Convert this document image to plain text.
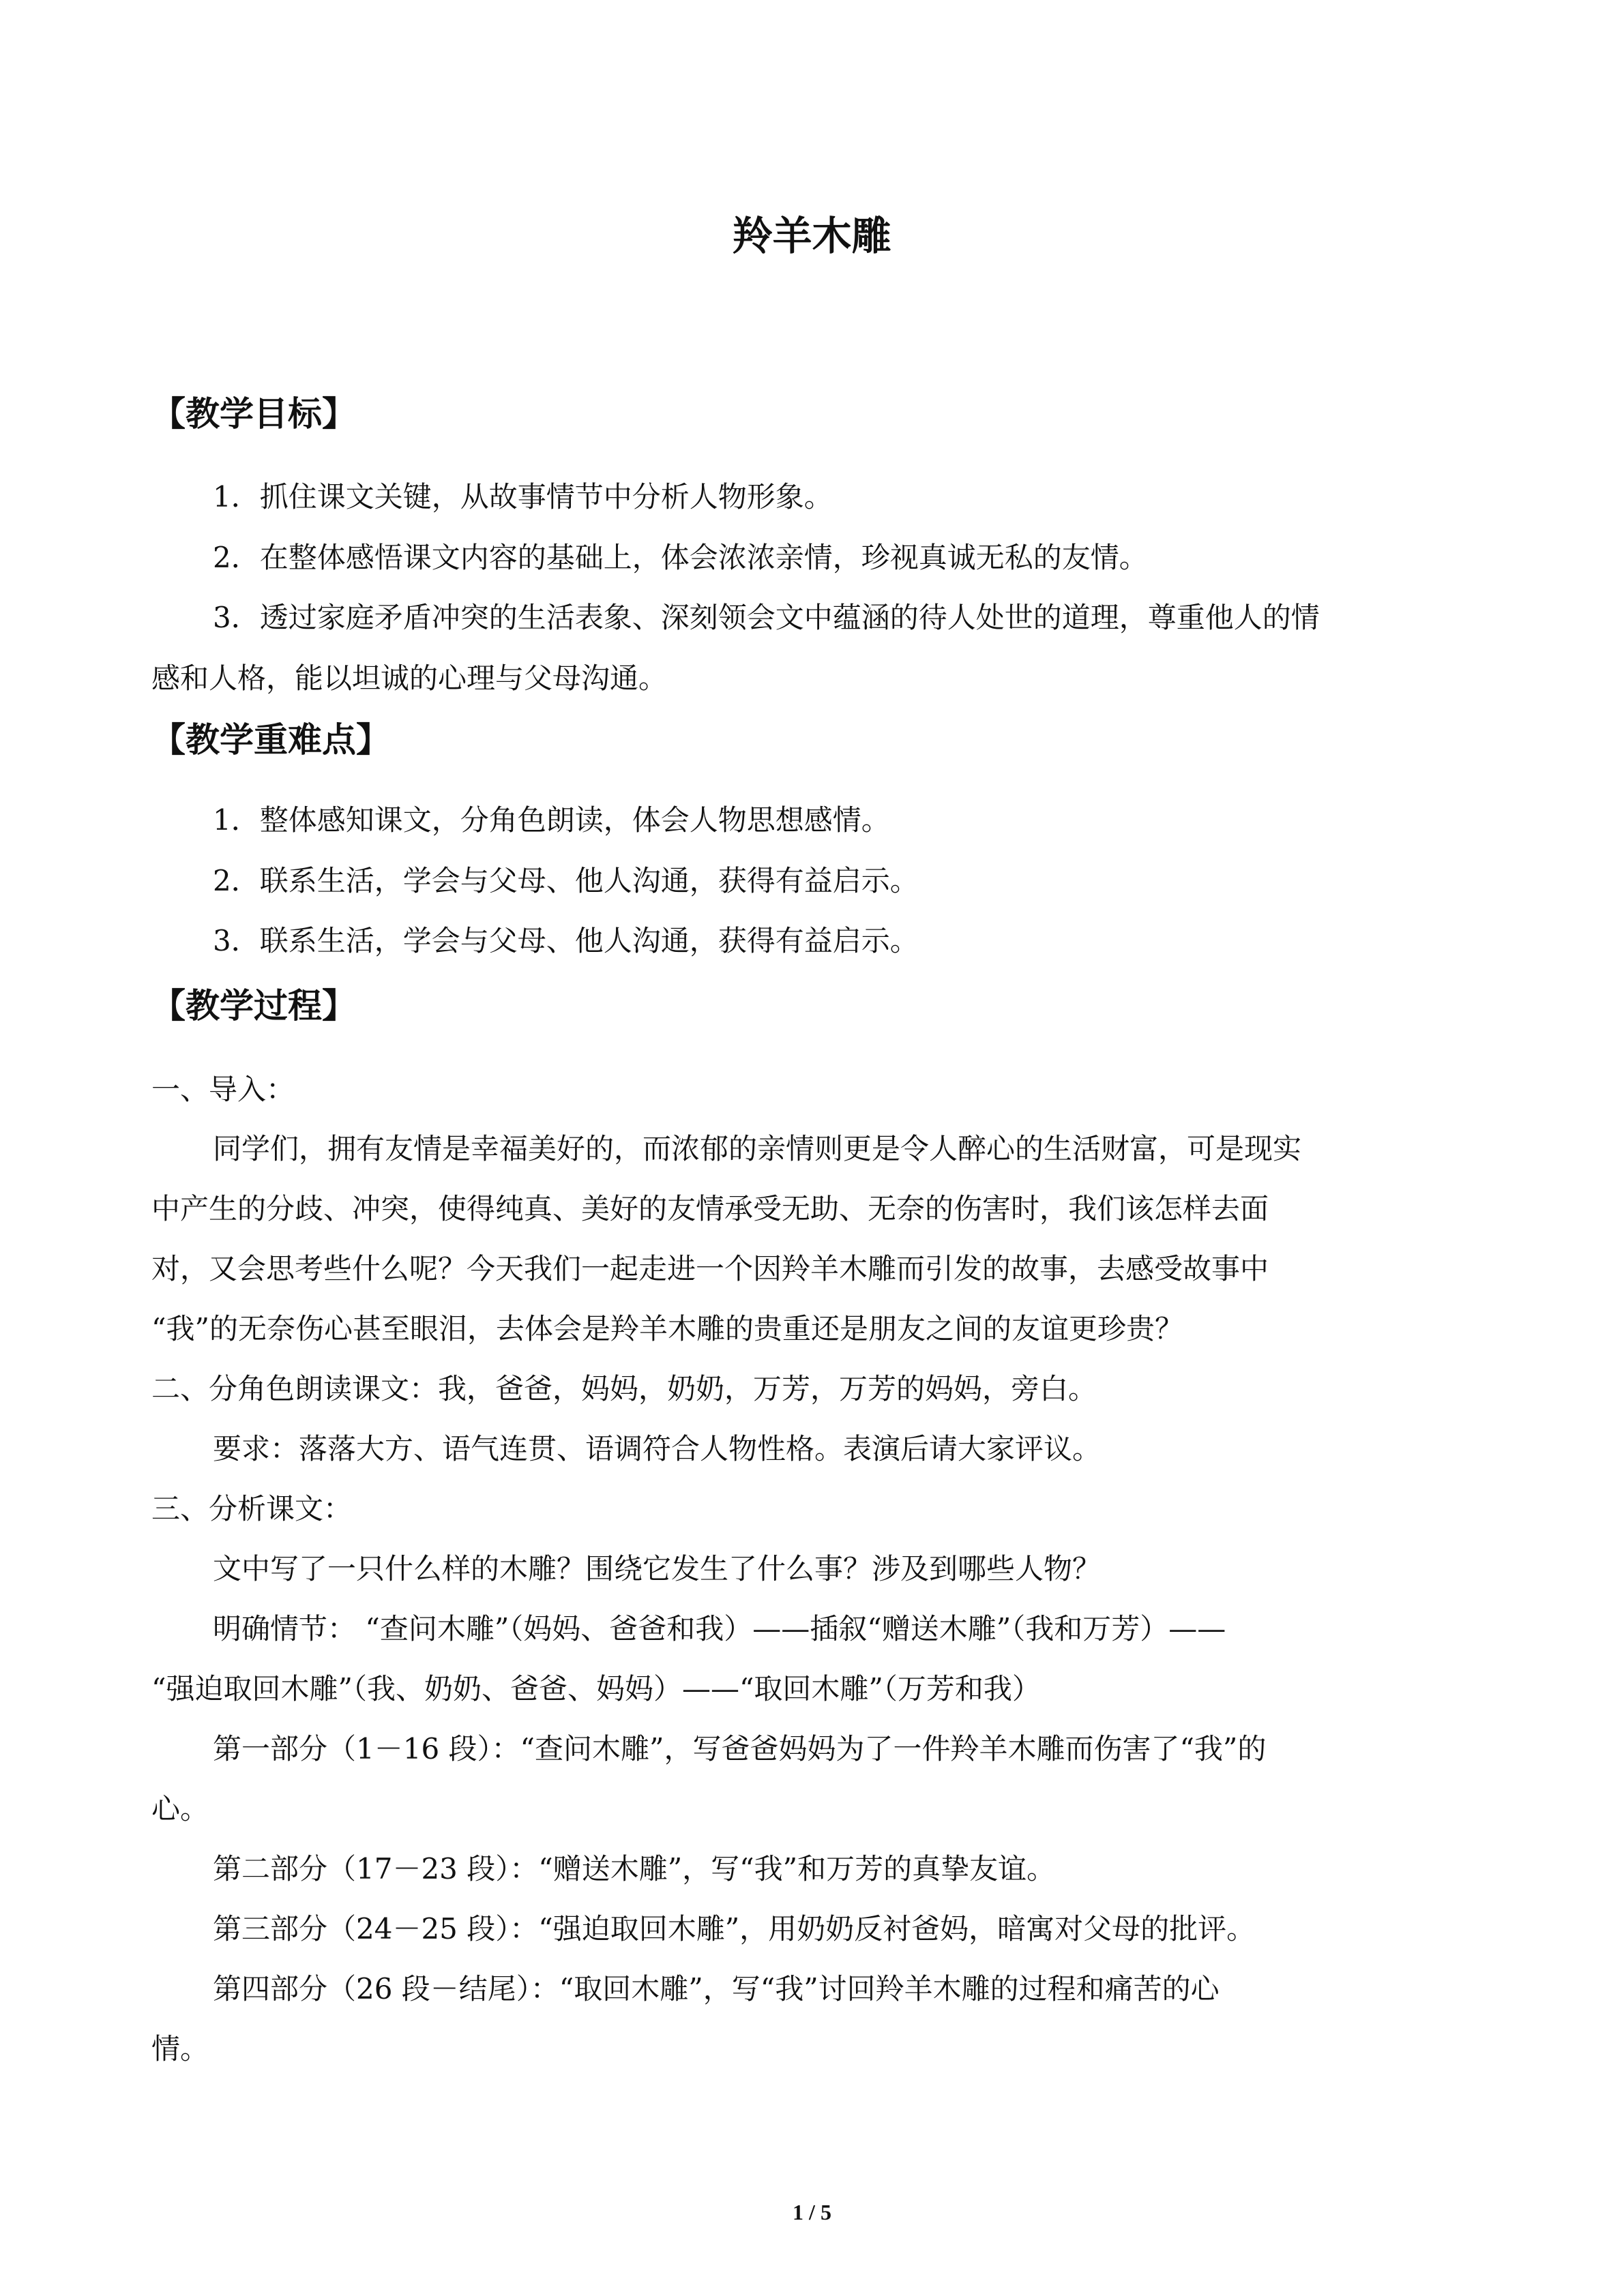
羚羊木雕
【教学目标】
1．抓住课文关键，从故事情节中分析人物形象。
2．在整体感悟课文内容的基础上，体会浓浓亲情，珍视真诚无私的友情。
3．透过家庭矛盾冲突的生活表象、深刻领会文中蕴涵的待人处世的道理，尊重他人的情
感和人格，能以坦诚的心理与父母沟通。
【教学重难点】
1．整体感知课文，分角色朗读，体会人物思想感情。
2．联系生活，学会与父母、他人沟通，获得有益启示。
3．联系生活，学会与父母、他人沟通，获得有益启示。
【教学过程】
一、导入：
同学们，拥有友情是幸福美好的，而浓郁的亲情则更是令人醉心的生活财富，可是现实
中产生的分歧、冲突，使得纯真、美好的友情承受无助、无奈的伤害时，我们该怎样去面
对，又会思考些什么呢？今天我们一起走进一个因羚羊木雕而引发的故事，去感受故事中
“我”的无奈伤心甚至眼泪，去体会是羚羊木雕的贵重还是朋友之间的友谊更珍贵？
二、分角色朗读课文：我，爸爸，妈妈，奶奶，万芳，万芳的妈妈，旁白。
要求：落落大方、语气连贯、语调符合人物性格。表演后请大家评议。
三、分析课文：
文中写了一只什么样的木雕？围绕它发生了什么事？涉及到哪些人物？
明确情节： “查问木雕”（妈妈、爸爸和我）——插叙“赠送木雕”（我和万芳）——
“强迫取回木雕”（我、奶奶、爸爸、妈妈）——“取回木雕”（万芳和我）
第一部分（1－16 段）：“查问木雕”，写爸爸妈妈为了一件羚羊木雕而伤害了“我”的
心。
第二部分（17－23 段）：“赠送木雕”，写“我”和万芳的真挚友谊。
第三部分（24－25 段）：“强迫取回木雕”，用奶奶反衬爸妈，暗寓对父母的批评。
第四部分（26 段－结尾）：“取回木雕”，写“我”讨回羚羊木雕的过程和痛苦的心
情。
1 / 5
